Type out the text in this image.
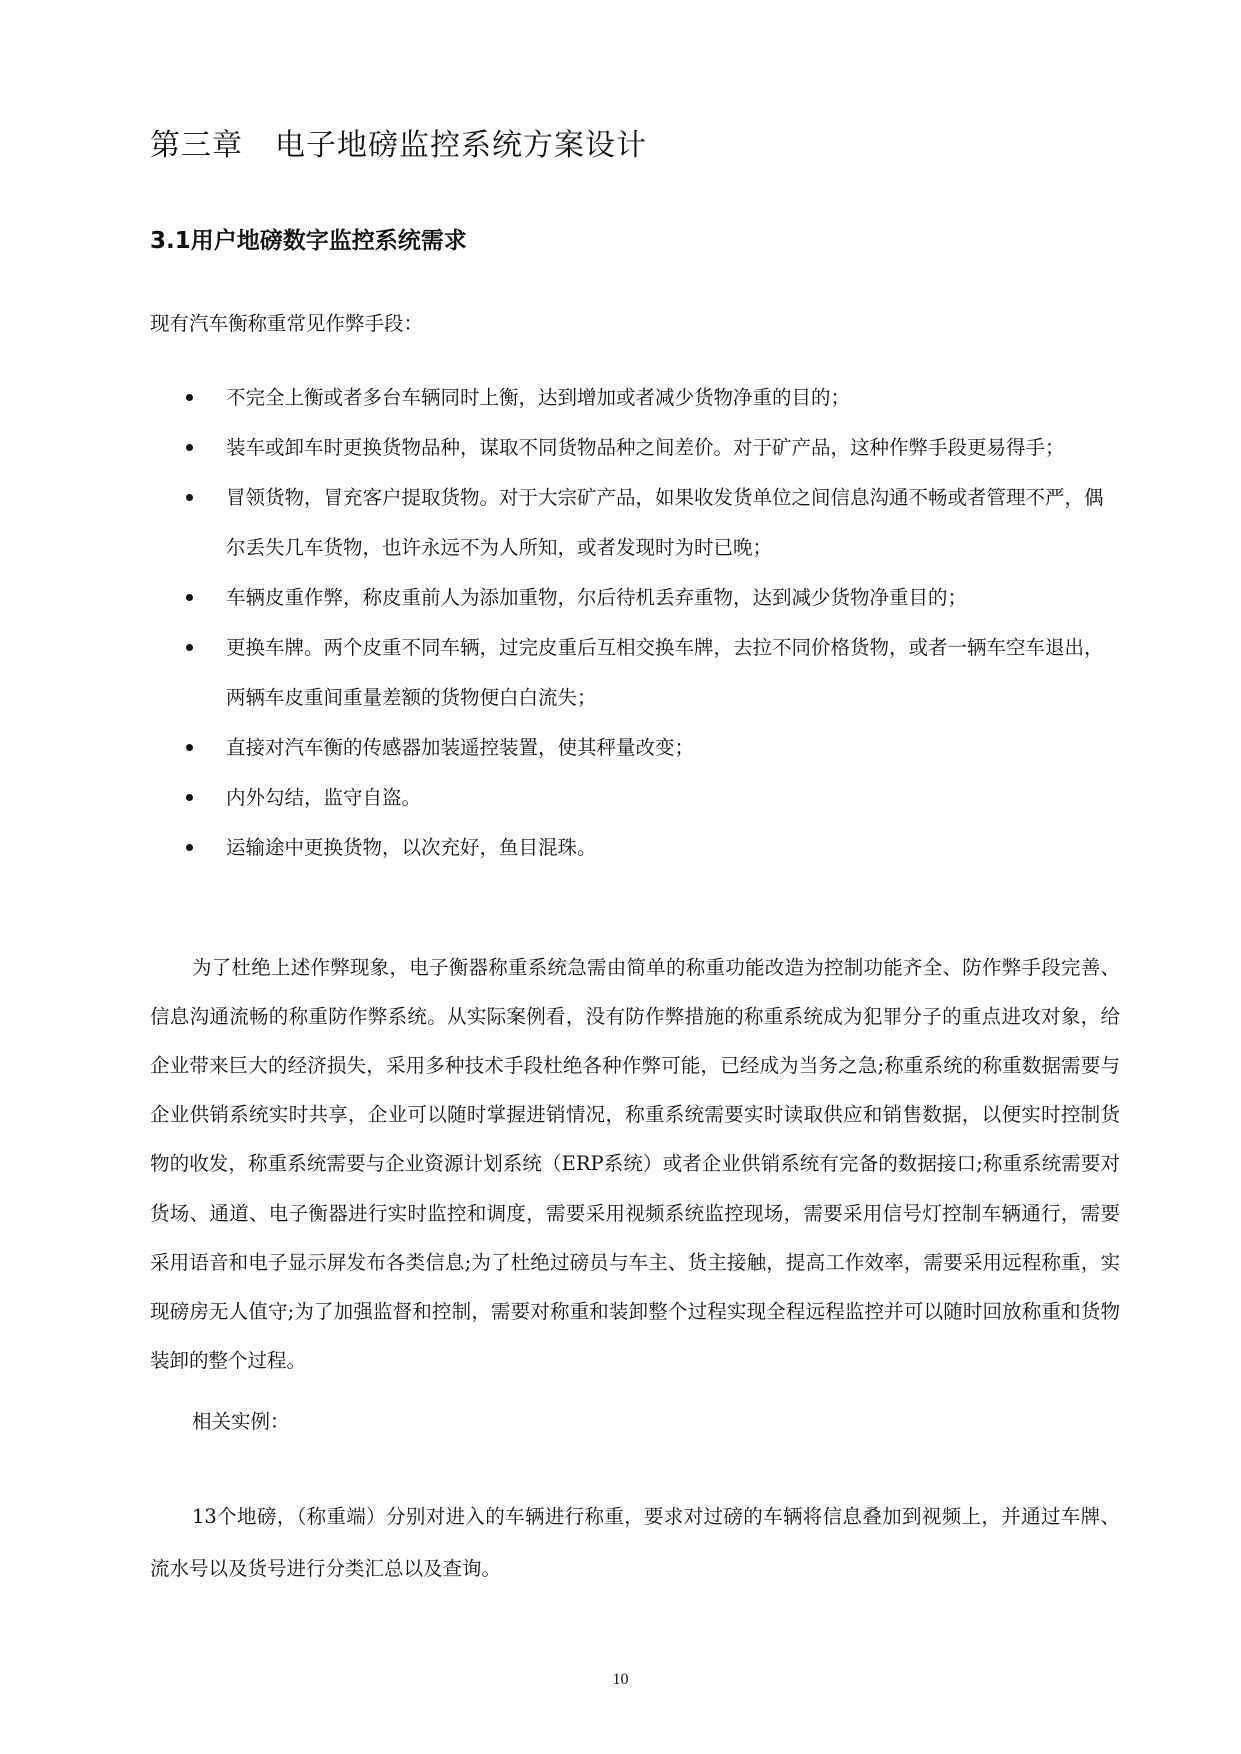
第三章 电子地磅监控系统方案设计
3.1用户地磅数字监控系统需求

现有汽车衡称重常见作弊手段：

不完全上衡或者多台车辆同时上衡，达到增加或者减少货物净重的目的；
装车或卸车时更换货物品种，谋取不同货物品种之间差价。对于矿产品，这种作弊手段更易得手；
冒领货物，冒充客户提取货物。对于大宗矿产品，如果收发货单位之间信息沟通不畅或者管理不严，偶尔丢失几车货物，也许永远不为人所知，或者发现时为时已晚；
车辆皮重作弊，称皮重前人为添加重物，尔后待机丢弃重物，达到减少货物净重目的；
更换车牌。两个皮重不同车辆，过完皮重后互相交换车牌，去拉不同价格货物，或者一辆车空车退出，两辆车皮重间重量差额的货物便白白流失；
直接对汽车衡的传感器加装遥控装置，使其秤量改变；
内外勾结，监守自盗。
运输途中更换货物，以次充好，鱼目混珠。

为了杜绝上述作弊现象，电子衡器称重系统急需由简单的称重功能改造为控制功能齐全、防作弊手段完善、信息沟通流畅的称重防作弊系统。从实际案例看，没有防作弊措施的称重系统成为犯罪分子的重点进攻对象，给企业带来巨大的经济损失，采用多种技术手段杜绝各种作弊可能，已经成为当务之急;称重系统的称重数据需要与企业供销系统实时共享，企业可以随时掌握进销情况，称重系统需要实时读取供应和销售数据，以便实时控制货物的收发，称重系统需要与企业资源计划系统（ERP系统）或者企业供销系统有完备的数据接口;称重系统需要对货场、通道、电子衡器进行实时监控和调度，需要采用视频系统监控现场，需要采用信号灯控制车辆通行，需要采用语音和电子显示屏发布各类信息;为了杜绝过磅员与车主、货主接触，提高工作效率，需要采用远程称重，实现磅房无人值守;为了加强监督和控制，需要对称重和装卸整个过程实现全程远程监控并可以随时回放称重和货物装卸的整个过程。

相关实例：

13个地磅，（称重端）分别对进入的车辆进行称重，要求对过磅的车辆将信息叠加到视频上，并通过车牌、流水号以及货号进行分类汇总以及查询。

10
